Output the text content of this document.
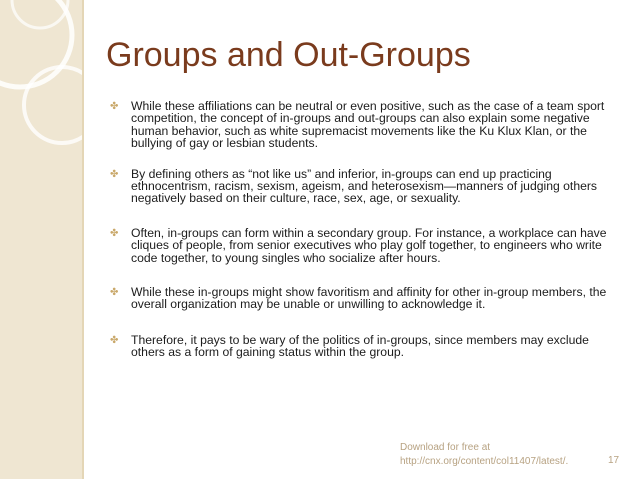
Groups and Out-Groups
✤ While these affiliations can be neutral or even positive, such as the case of a team sport competition, the concept of in-groups and out-groups can also explain some negative human behavior, such as white supremacist movements like the Ku Klux Klan, or the bullying of gay or lesbian students.
✤ By defining others as “not like us” and inferior, in-groups can end up practicing ethnocentrism, racism, sexism, ageism, and heterosexism—manners of judging others negatively based on their culture, race, sex, age, or sexuality.
✤ Often, in-groups can form within a secondary group. For instance, a workplace can have cliques of people, from senior executives who play golf together, to engineers who write code together, to young singles who socialize after hours.
✤ While these in-groups might show favoritism and affinity for other in-group members, the overall organization may be unable or unwilling to acknowledge it.
✤ Therefore, it pays to be wary of the politics of in-groups, since members may exclude others as a form of gaining status within the group.
Download for free at
http://cnx.org/content/col11407/latest/.	17
